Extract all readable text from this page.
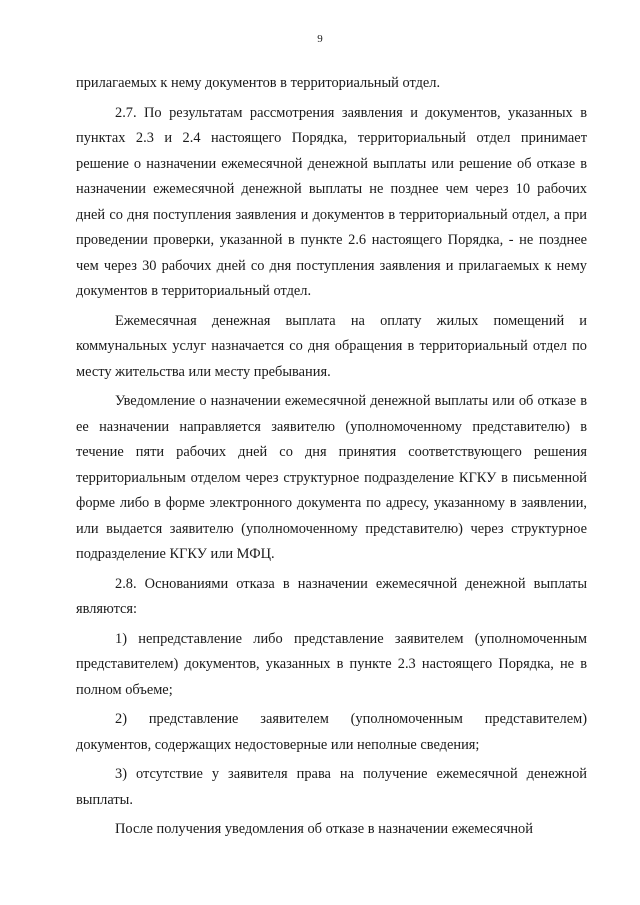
9

прилагаемых к нему документов в территориальный отдел.

2.7. По результатам рассмотрения заявления и документов, указанных в пунктах 2.3 и 2.4 настоящего Порядка, территориальный отдел принимает решение о назначении ежемесячной денежной выплаты или решение об отказе в назначении ежемесячной денежной выплаты не позднее чем через 10 рабочих дней со дня поступления заявления и документов в территориальный отдел, а при проведении проверки, указанной в пункте 2.6 настоящего Порядка, - не позднее чем через 30 рабочих дней со дня поступления заявления и прилагаемых к нему документов в территориальный отдел.

Ежемесячная денежная выплата на оплату жилых помещений и коммунальных услуг назначается со дня обращения в территориальный отдел по месту жительства или месту пребывания.

Уведомление о назначении ежемесячной денежной выплаты или об отказе в ее назначении направляется заявителю (уполномоченному представителю) в течение пяти рабочих дней со дня принятия соответствующего решения территориальным отделом через структурное подразделение КГКУ в письменной форме либо в форме электронного документа по адресу, указанному в заявлении, или выдается заявителю (уполномоченному представителю) через структурное подразделение КГКУ или МФЦ.

2.8. Основаниями отказа в назначении ежемесячной денежной выплаты являются:

1) непредставление либо представление заявителем (уполномоченным представителем) документов, указанных в пункте 2.3 настоящего Порядка, не в полном объеме;

2) представление заявителем (уполномоченным представителем) документов, содержащих недостоверные или неполные сведения;

3) отсутствие у заявителя права на получение ежемесячной денежной выплаты.

После получения уведомления об отказе в назначении ежемесячной
